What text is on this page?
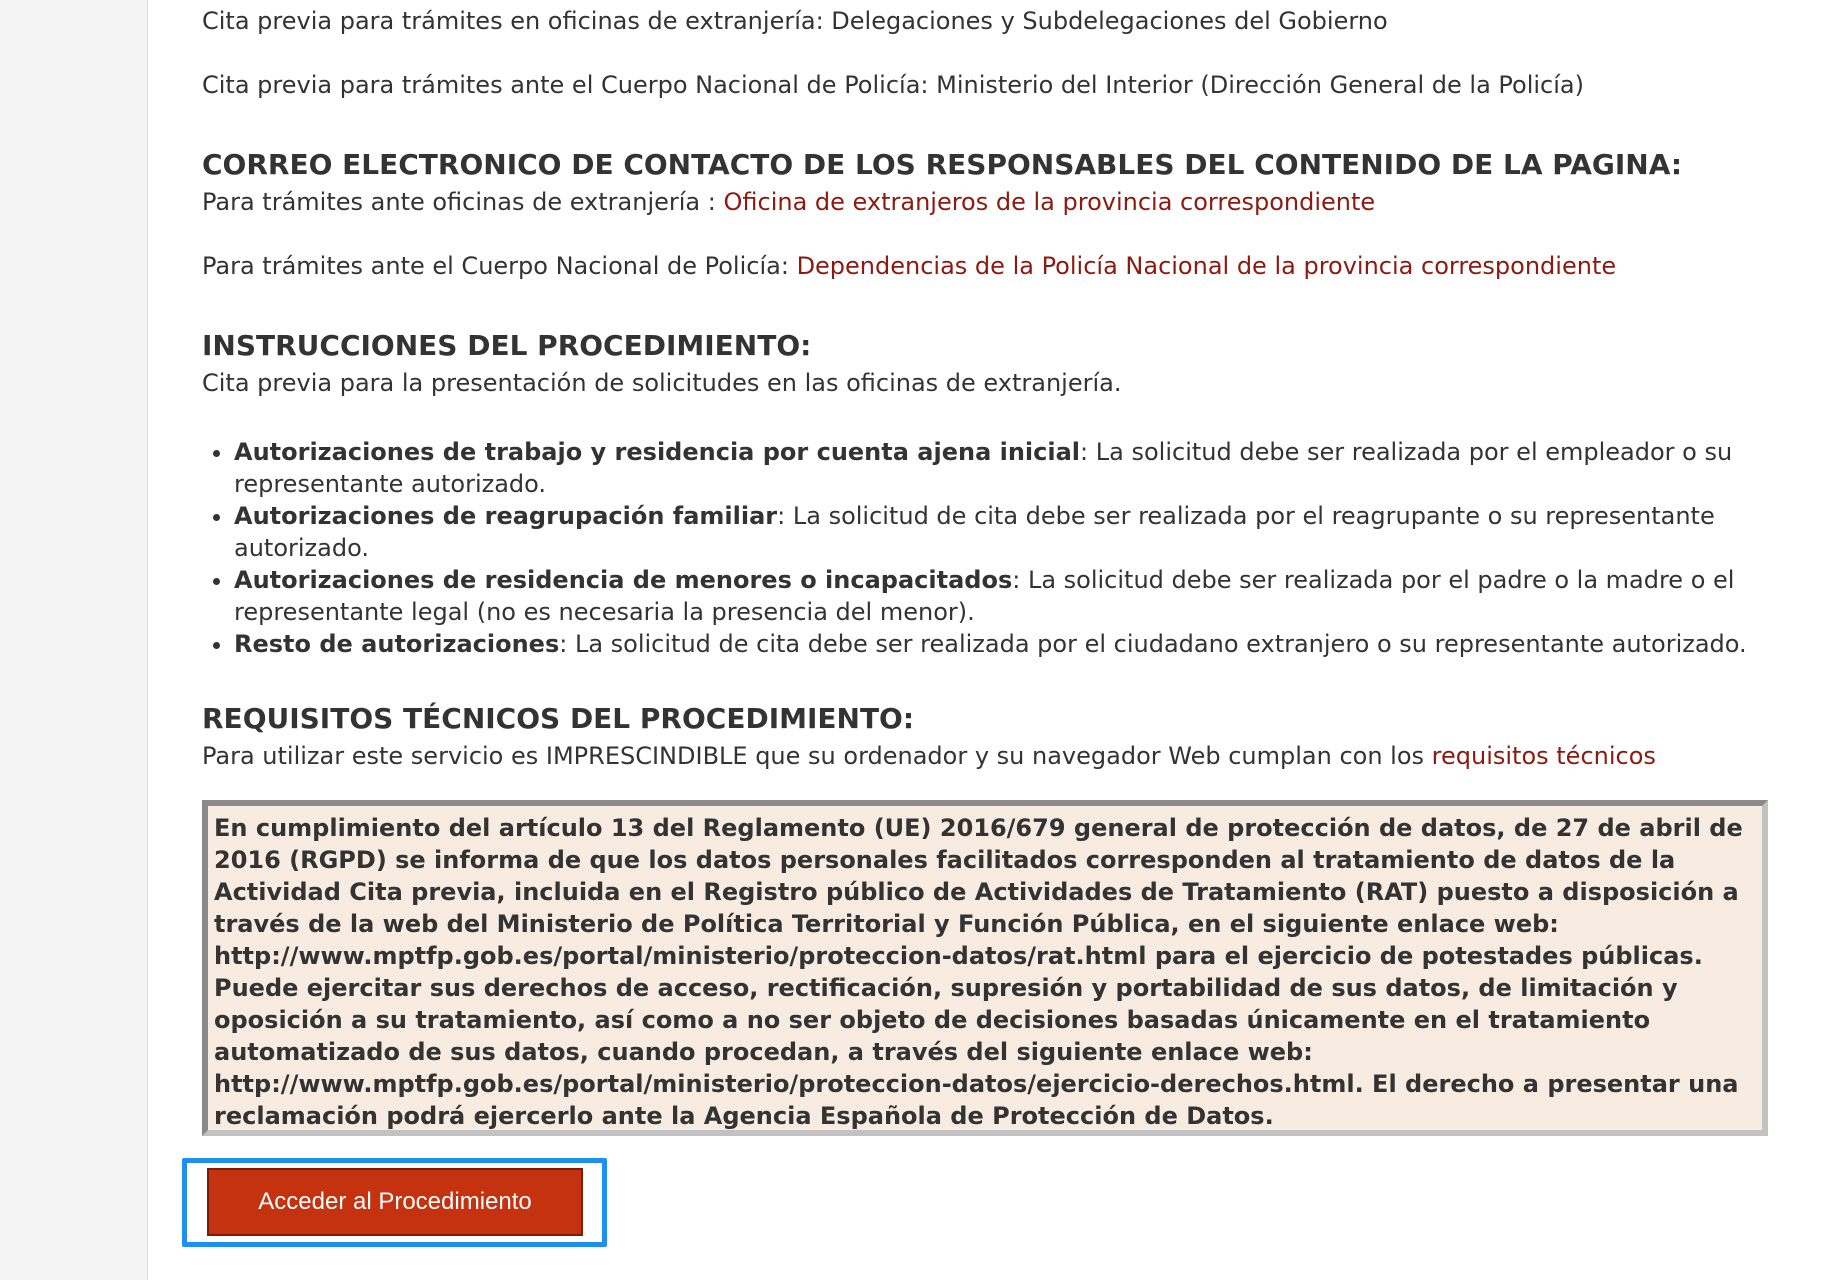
Cita previa para trámites en oficinas de extranjería: Delegaciones y Subdelegaciones del Gobierno

Cita previa para trámites ante el Cuerpo Nacional de Policía: Ministerio del Interior (Dirección General de la Policía)

CORREO ELECTRONICO DE CONTACTO DE LOS RESPONSABLES DEL CONTENIDO DE LA PAGINA:

Para trámites ante oficinas de extranjería : Oficina de extranjeros de la provincia correspondiente

Para trámites ante el Cuerpo Nacional de Policía: Dependencias de la Policía Nacional de la provincia correspondiente

INSTRUCCIONES DEL PROCEDIMIENTO:

Cita previa para la presentación de solicitudes en las oficinas de extranjería.

• Autorizaciones de trabajo y residencia por cuenta ajena inicial: La solicitud debe ser realizada por el empleador o su representante autorizado.
• Autorizaciones de reagrupación familiar: La solicitud de cita debe ser realizada por el reagrupante o su representante autorizado.
• Autorizaciones de residencia de menores o incapacitados: La solicitud debe ser realizada por el padre o la madre o el representante legal (no es necesaria la presencia del menor).
• Resto de autorizaciones: La solicitud de cita debe ser realizada por el ciudadano extranjero o su representante autorizado.
REQUISITOS TÉCNICOS DEL PROCEDIMIENTO:

Para utilizar este servicio es IMPRESCINDIBLE que su ordenador y su navegador Web cumplan con los requisitos técnicos

En cumplimiento del artículo 13 del Reglamento (UE) 2016/679 general de protección de datos, de 27 de abril de 2016 (RGPD) se informa de que los datos personales facilitados corresponden al tratamiento de datos de la Actividad Cita previa, incluida en el Registro público de Actividades de Tratamiento (RAT) puesto a disposición a través de la web del Ministerio de Política Territorial y Función Pública, en el siguiente enlace web: http://www.mptfp.gob.es/portal/ministerio/proteccion-datos/rat.html para el ejercicio de potestades públicas.

Puede ejercitar sus derechos de acceso, rectificación, supresión y portabilidad de sus datos, de limitación y oposición a su tratamiento, así como a no ser objeto de decisiones basadas únicamente en el tratamiento automatizado de sus datos, cuando procedan, a través del siguiente enlace web: http://www.mptfp.gob.es/portal/ministerio/proteccion-datos/ejercicio-derechos.html. El derecho a presentar una reclamación podrá ejercerlo ante la Agencia Española de Protección de Datos.

Acceder al Procedimiento
